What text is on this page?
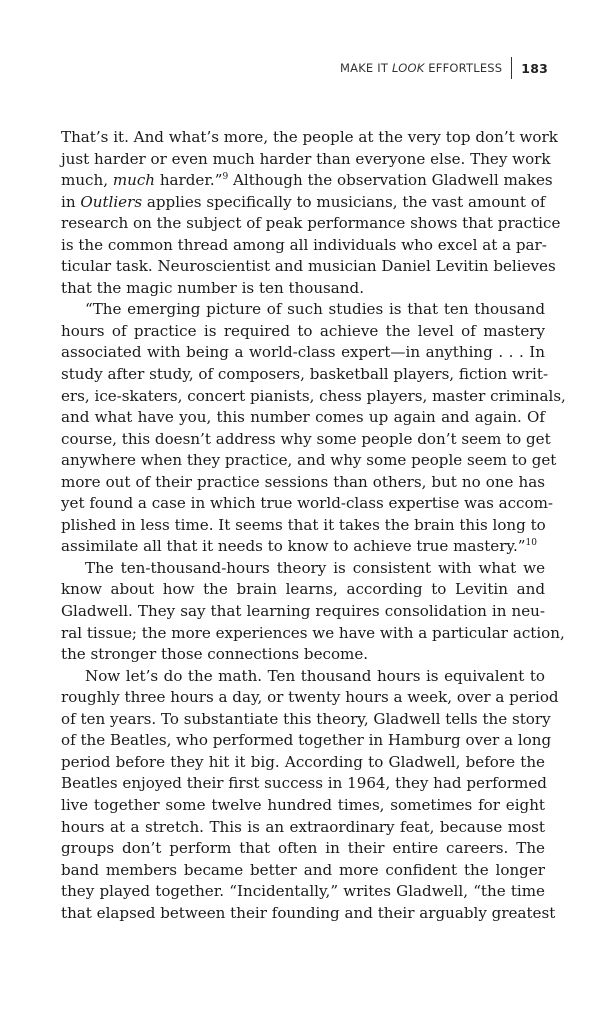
MAKE IT LOOK EFFORTLESS 183
That’s it. And what’s more, the people at the very top don’t work
just harder or even much harder than everyone else. They work
much, much harder.”$^9$ Although the observation Gladwell makes
in Outliers applies specifically to musicians, the vast amount of
research on the subject of peak performance shows that practice
is the common thread among all individuals who excel at a par-
ticular task. Neuroscientist and musician Daniel Levitin believes
that the magic number is ten thousand.
“The emerging picture of such studies is that ten thousand
hours of practice is required to achieve the level of mastery
associated with being a world-class expert—in anything . . . In
study after study, of composers, basketball players, fiction writ-
ers, ice-skaters, concert pianists, chess players, master criminals,
and what have you, this number comes up again and again. Of
course, this doesn’t address why some people don’t seem to get
anywhere when they practice, and why some people seem to get
more out of their practice sessions than others, but no one has
yet found a case in which true world-class expertise was accom-
plished in less time. It seems that it takes the brain this long to
assimilate all that it needs to know to achieve true mastery.”$^{10}$
The ten-thousand-hours theory is consistent with what we
know about how the brain learns, according to Levitin and
Gladwell. They say that learning requires consolidation in neu-
ral tissue; the more experiences we have with a particular action,
the stronger those connections become.
Now let’s do the math. Ten thousand hours is equivalent to
roughly three hours a day, or twenty hours a week, over a period
of ten years. To substantiate this theory, Gladwell tells the story
of the Beatles, who performed together in Hamburg over a long
period before they hit it big. According to Gladwell, before the
Beatles enjoyed their first success in 1964, they had performed
live together some twelve hundred times, sometimes for eight
hours at a stretch. This is an extraordinary feat, because most
groups don’t perform that often in their entire careers. The
band members became better and more confident the longer
they played together. “Incidentally,” writes Gladwell, “the time
that elapsed between their founding and their arguably greatest
